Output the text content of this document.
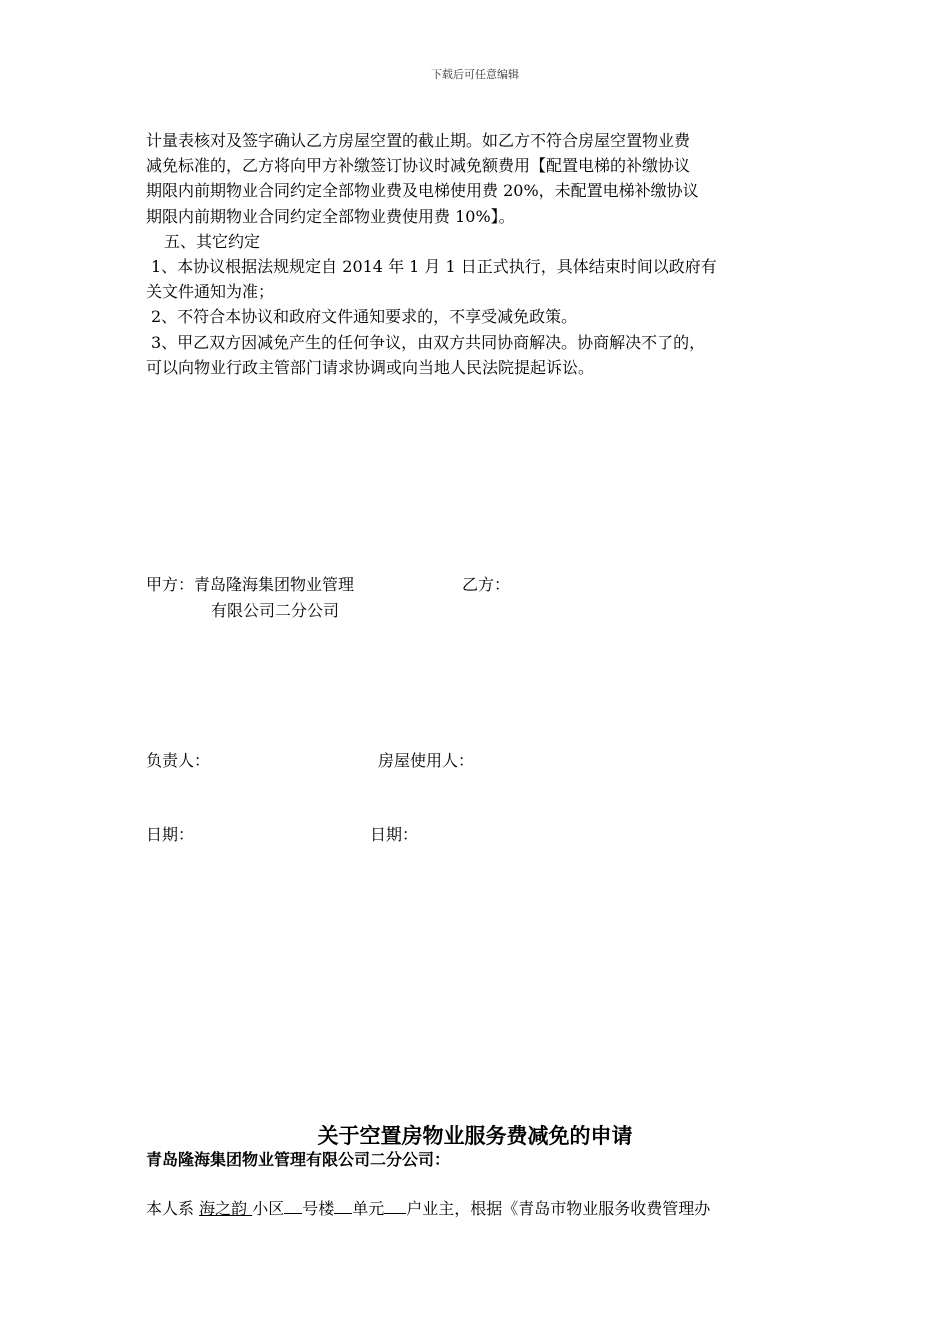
下载后可任意编辑

计量表核对及签字确认乙方房屋空置的截止期。如乙方不符合房屋空置物业费

减免标准的，乙方将向甲方补缴签订协议时减免额费用【配置电梯的补缴协议

期限内前期物业合同约定全部物业费及电梯使用费 20%，未配置电梯补缴协议

期限内前期物业合同约定全部物业费使用费 10%】。

五、其它约定

1、本协议根据法规规定自 2014 年 1 月 1 日正式执行，具体结束时间以政府有

关文件通知为准；

2、不符合本协议和政府文件通知要求的，不享受减免政策。

3、甲乙双方因减免产生的任何争议，由双方共同协商解决。协商解决不了的，

可以向物业行政主管部门请求协调或向当地人民法院提起诉讼。

甲方：青岛隆海集团物业管理
有限公司二分公司
乙方：
负责人：	房屋使用人：
日期：	日期：
关于空置房物业服务费减免的申请
青岛隆海集团物业管理有限公司二分公司：
本人系 海之韵 小区 号楼 单元 户业主，根据《青岛市物业服务收费管理办
